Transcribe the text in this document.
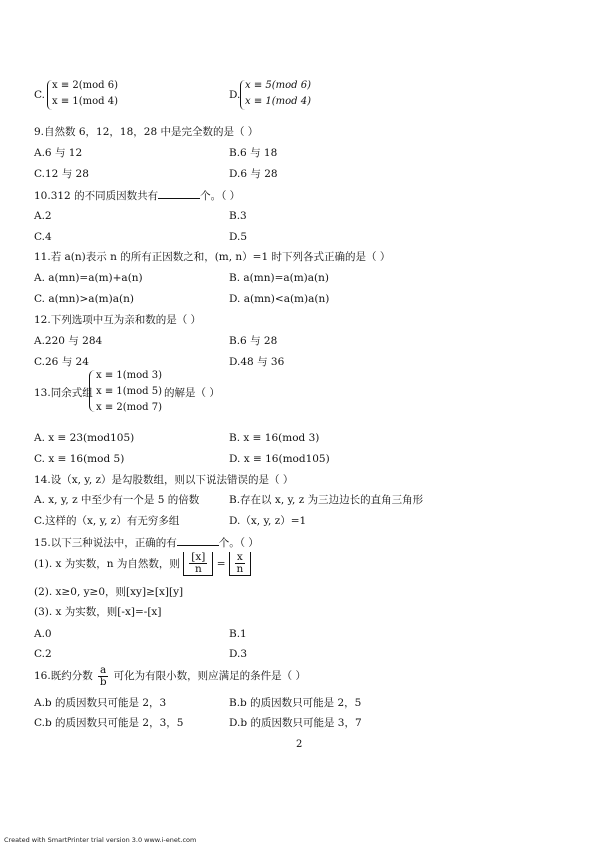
C.
x ≡ 2(mod 6)
x ≡ 1(mod 4)
D.
x ≡ 5(mod 6)
x ≡ 1(mod 4)
9.自然数 6，12，18，28 中是完全数的是（ ）
A.6 与 12	B.6 与 18
C.12 与 28	D.6 与 28
10.312 的不同质因数共有	个。（ ）
A.2	B.3
C.4	D.5
11.若 a(n)表示 n 的所有正因数之和，(m, n）=1 时下列各式正确的是（ ）
A. a(mn)=a(m)+a(n)	B. a(mn)=a(m)a(n)
C. a(mn)>a(m)a(n)	D. a(mn)<a(m)a(n)
12.下列选项中互为亲和数的是（ ）
A.220 与 284	B.6 与 28
C.26 与 24	D.48 与 36
13.同余式组
x ≡ 1(mod 3)
x ≡ 1(mod 5)
x ≡ 2(mod 7)
的解是（ ）
A. x ≡ 23(mod105)	B. x ≡ 16(mod 3)
C. x ≡ 16(mod 5)	D. x ≡ 16(mod105)
14.设（x, y, z）是勾股数组，则以下说法错误的是（ ）
A. x, y, z 中至少有一个是 5 的倍数	B.存在以 x, y, z 为三边边长的直角三角形
C.这样的（x, y, z）有无穷多组	D.（x, y, z）=1
15.以下三种说法中，正确的有	个。（ ）
(1). x 为实数，n 为自然数，则 $\frac{[x]}{n} = \frac{x}{n}$
(2). x≥0, y≥0，则[xy]≥[x][y]
(3). x 为实数，则[-x]=-[x]
A.0	B.1
C.2	D.3
16.既约分数 $\frac{a}{b}$ 可化为有限小数，则应满足的条件是（ ）
A.b 的质因数只可能是 2，3	B.b 的质因数只可能是 2，5
C.b 的质因数只可能是 2，3，5	D.b 的质因数只可能是 3，7
2
Created with SmartPrinter trial version 3.0 www.i-enet.com
